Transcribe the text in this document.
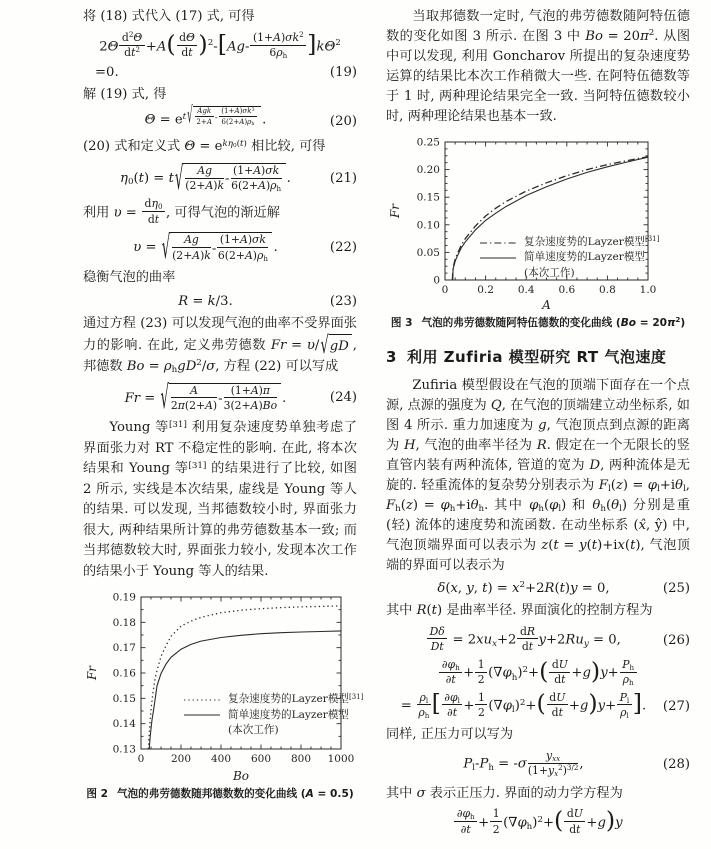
将 (18) 式代入 (17) 式, 可得

$2\Theta \frac{d^2\Theta}{dt^2} +A( \frac{d\Theta}{dt} )^2-[Ag- \frac{(1+A)\sigma k^2}{6\rho_h} ]k\Theta^2$
=0.	(19)

解 (19) 式, 得

$\Theta = e^{t √ Agk 2+A - \frac{(1+A)\sigma k^3}{6(2+A)\rho_h}}$ .	(20)

(20) 式和定义式 $\Theta = e^{k\eta_0(t)}$ 相比较, 可得

$\eta_0(t) = t$ √ $\frac{Ag}{(2+A)k} - \frac{(1+A)\sigma k}{6(2+A)\rho_h}$ .	(21)

利用 $\upsilon = \frac{d\eta_0}{dt}$ , 可得气泡的渐近解

υ = √ $\frac{Ag}{(2+A)k} - \frac{(1+A)\sigma k}{6(2+A)\rho_h}$ .	(22)

稳衡气泡的曲率

R = k/3.	(23)

通过方程 (23) 可以发现气泡的曲率不受界面张力的影响. 在此, 定义弗劳德数 Fr = υ/ √ gD , 邦德数 $Bo = \rho_hgD^2/\sigma$, 方程 (22) 可以写成

Fr = √ $\frac{A}{2\pi(2+A)} - \frac{(1+A)\pi}{3(2+A)Bo}$ .	(24)

Young 等[31] 利用复杂速度势单独考虑了界面张力对 RT 不稳定性的影响. 在此, 将本次结果和 Young 等[31] 的结果进行了比较, 如图 2 所示, 实线是本次结果, 虚线是 Young 等人的结果. 可以发现, 当邦德数较小时, 界面张力很大, 两种结果所计算的弗劳德数基本一致; 而当邦德数较大时, 界面张力较小, 发现本次工作的结果小于 Young 等人的结果.

0	200 400 600 800 1000
0.13
0.14
0.15
0.16
0.17
0.18
0.19
Bo
Fr
复杂速度势的Layzer模型[31]
简单速度势的Layzer模型
(本次工作)
图 2 气泡的弗劳德数随邦德数数的变化曲线 (A = 0.5)

当取邦德数一定时, 气泡的弗劳德数随阿特伍德数的变化如图 3 所示. 在图 3 中 $Bo = 20\pi^2$. 从图中可以发现, 利用 Goncharov 所提出的复杂速度势运算的结果比本次工作稍微大一些. 在阿特伍德数等于 1 时, 两种理论结果完全一致. 当阿特伍德数较小时, 两种理论结果也基本一致.

0	0.2 0.4 0.6 0.8 1.0
0
0.05
0.10
0.15
0.20
0.25
A
Fr
复杂速度势的Layzer模型[31]
简单速度势的Layzer模型
(本次工作)
图 3 气泡的弗劳德数随阿特伍德数的变化曲线 $(Bo = 20\pi^2)$
3 利用 Zufiria 模型研究 RT 气泡速度

Zufiria 模型假设在气泡的顶端下面存在一个点源, 点源的强度为 Q, 在气泡的顶端建立动坐标系, 如图 4 所示. 重力加速度为 g, 气泡顶点到点源的距离为 H, 气泡的曲率半径为 R. 假定在一个无限长的竖直管内装有两种流体, 管道的宽为 D, 两种流体是无旋的. 轻重流体的复杂势分别表示为 $F_l(z) = \varphi_l+i\theta_l$, $F_h(z) = \varphi_h+i\theta_h$. 其中 $\varphi_h(\varphi_l)$ 和 $\theta_h(\theta_l)$ 分别是重 (轻) 流体的速度势和流函数. 在动坐标系 (x̂, ŷ) 中, 气泡顶端界面可以表示为 z(t = y(t)+ix(t), 气泡顶端的界面可以表示为

δ(x, y, $t) = x^2+2R(t)y = 0$,	(25)

其中 R(t) 是曲率半径. 界面演化的控制方程为

$\frac{D\delta}{Dt} = 2xu_x+2 \frac{dR}{dt} y+2Ru_y = 0$,	(26)
$\frac{\partial\varphi_h}{\partial t} + \frac{1}{2} (\nabla\varphi_h)^2+( \frac{dU}{dt} +g)y+ \frac{P_h}{\rho_h}$
= $\frac{\rho_l}{\rho_h}$ [ $\frac{\partial\varphi_l}{\partial t} + \frac{1}{2} (\nabla\varphi_l)^2+( \frac{dU}{dt} +g)y+ \frac{P_l}{\rho_l}$ ].	(27)

同样, 正压力可以写为

$P_l-P_h = -\sigma$
$y_{xx}$
$(1+y_x^2)^{3/2}$ ,	(28)

其中 σ 表示正压力. 界面的动力学方程为

$\frac{\partial\varphi_h}{\partial t} + \frac{1}{2} (\nabla\varphi_h)^2+( \frac{dU}{dt} +g)y$
